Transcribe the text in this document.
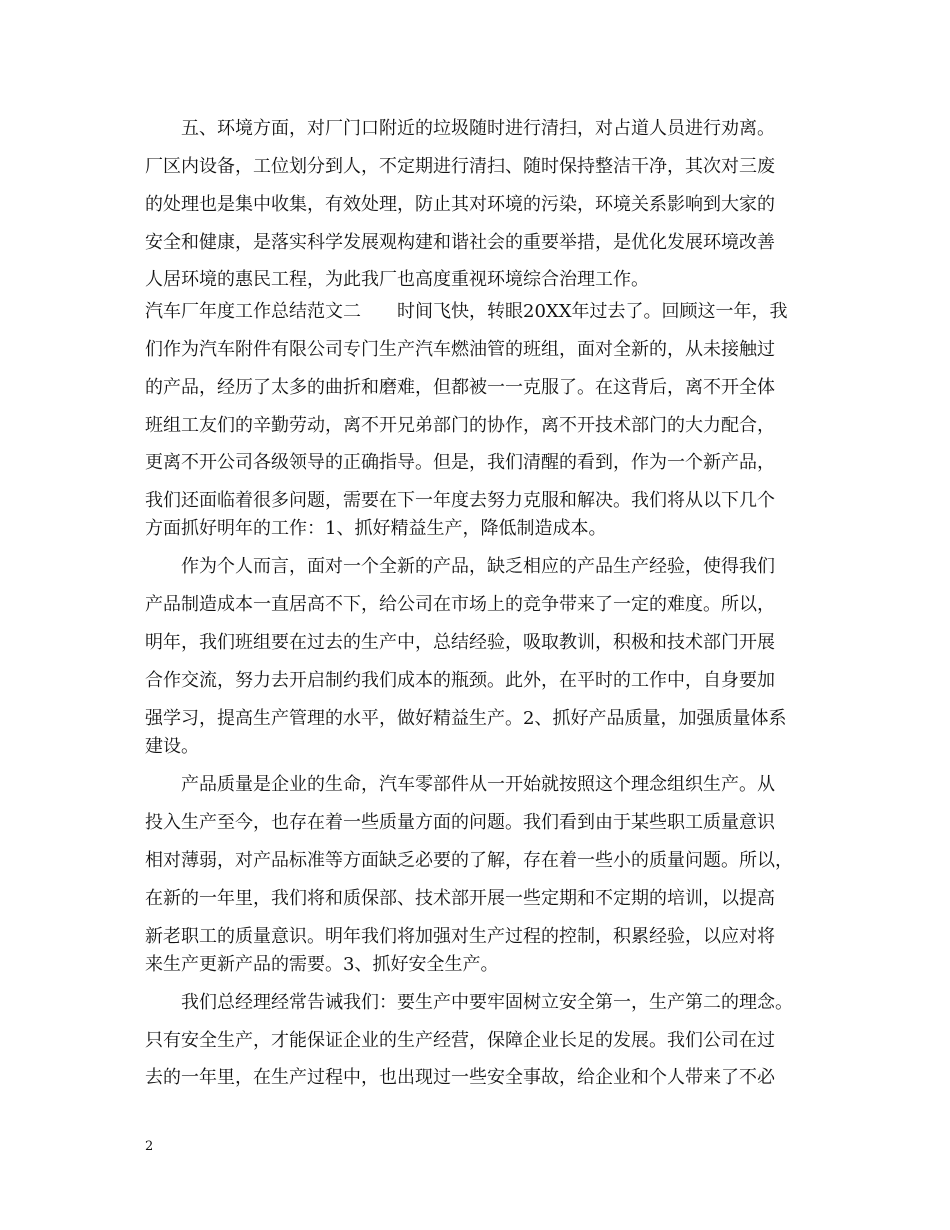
五、环境方面，对厂门口附近的垃圾随时进行清扫，对占道人员进行劝离。
厂区内设备，工位划分到人，不定期进行清扫、随时保持整洁干净，其次对三废
的处理也是集中收集，有效处理，防止其对环境的污染，环境关系影响到大家的
安全和健康，是落实科学发展观构建和谐社会的重要举措，是优化发展环境改善
人居环境的惠民工程，为此我厂也高度重视环境综合治理工作。
汽车厂年度工作总结范文二 时间飞快，转眼20XX年过去了。回顾这一年，我
们作为汽车附件有限公司专门生产汽车燃油管的班组，面对全新的，从未接触过
的产品，经历了太多的曲折和磨难，但都被一一克服了。在这背后，离不开全体
班组工友们的辛勤劳动，离不开兄弟部门的协作，离不开技术部门的大力配合，
更离不开公司各级领导的正确指导。但是，我们清醒的看到，作为一个新产品，
我们还面临着很多问题，需要在下一年度去努力克服和解决。我们将从以下几个
方面抓好明年的工作：1、抓好精益生产，降低制造成本。
作为个人而言，面对一个全新的产品，缺乏相应的产品生产经验，使得我们
产品制造成本一直居高不下，给公司在市场上的竞争带来了一定的难度。所以，
明年，我们班组要在过去的生产中，总结经验，吸取教训，积极和技术部门开展
合作交流，努力去开启制约我们成本的瓶颈。此外，在平时的工作中，自身要加
强学习，提高生产管理的水平，做好精益生产。2、抓好产品质量，加强质量体系
建设。
产品质量是企业的生命，汽车零部件从一开始就按照这个理念组织生产。从
投入生产至今，也存在着一些质量方面的问题。我们看到由于某些职工质量意识
相对薄弱，对产品标准等方面缺乏必要的了解，存在着一些小的质量问题。所以，
在新的一年里，我们将和质保部、技术部开展一些定期和不定期的培训，以提高
新老职工的质量意识。明年我们将加强对生产过程的控制，积累经验，以应对将
来生产更新产品的需要。3、抓好安全生产。
我们总经理经常告诫我们：要生产中要牢固树立安全第一，生产第二的理念。
只有安全生产，才能保证企业的生产经营，保障企业长足的发展。我们公司在过
去的一年里，在生产过程中，也出现过一些安全事故，给企业和个人带来了不必
2
